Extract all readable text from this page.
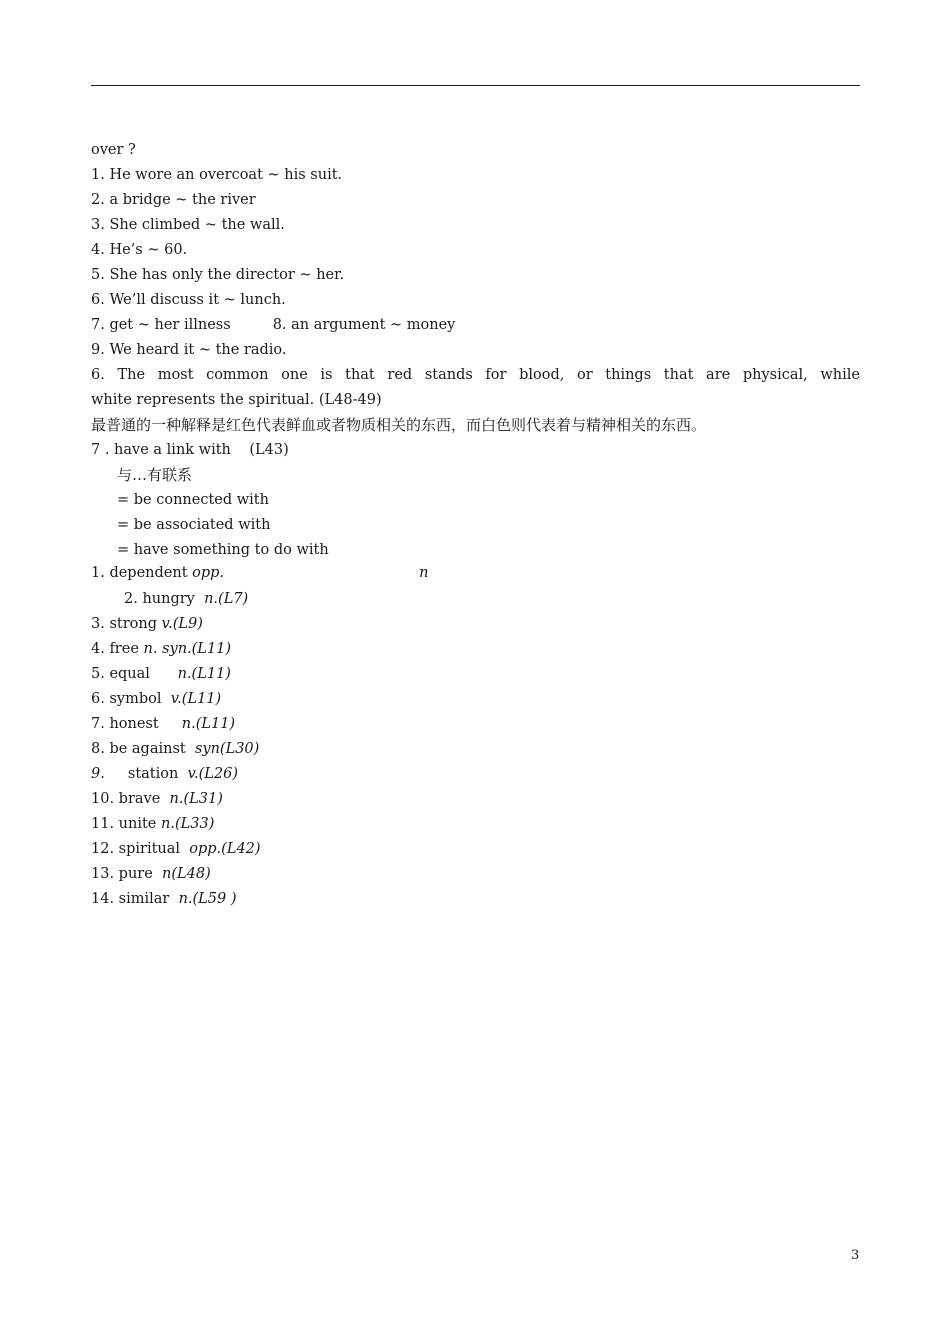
over ?
1. He wore an overcoat ~ his suit.
2. a bridge ~ the river
3. She climbed ~ the wall.
4. He’s ~ 60.
5. She has only the director ~ her.
6. We’ll discuss it ~ lunch.
7. get ~ her illness	8. an argument ~ money
9. We heard it ~ the radio.
6. The most common one is that red stands for blood, or things that are physical, while
white represents the spiritual. (L48-49)
最普通的一种解释是红色代表鲜血或者物质相关的东西，而白色则代表着与精神相关的东西。
7 . have a link with    (L43)
与…有联系
= be connected with
= be associated with
= have something to do with
1. dependent opp.	n
2. hungry n.(L7)
3. strong v.(L9)
4. free n. syn.(L11)
5. equal n.(L11)
6. symbol v.(L11)
7. honest n.(L11)
8. be against syn(L30)
9. station v.(L26)
10. brave n.(L31)
11. unite n.(L33)
12. spiritual opp.(L42)
13. pure n(L48)
14. similar n.(L59 )
3
